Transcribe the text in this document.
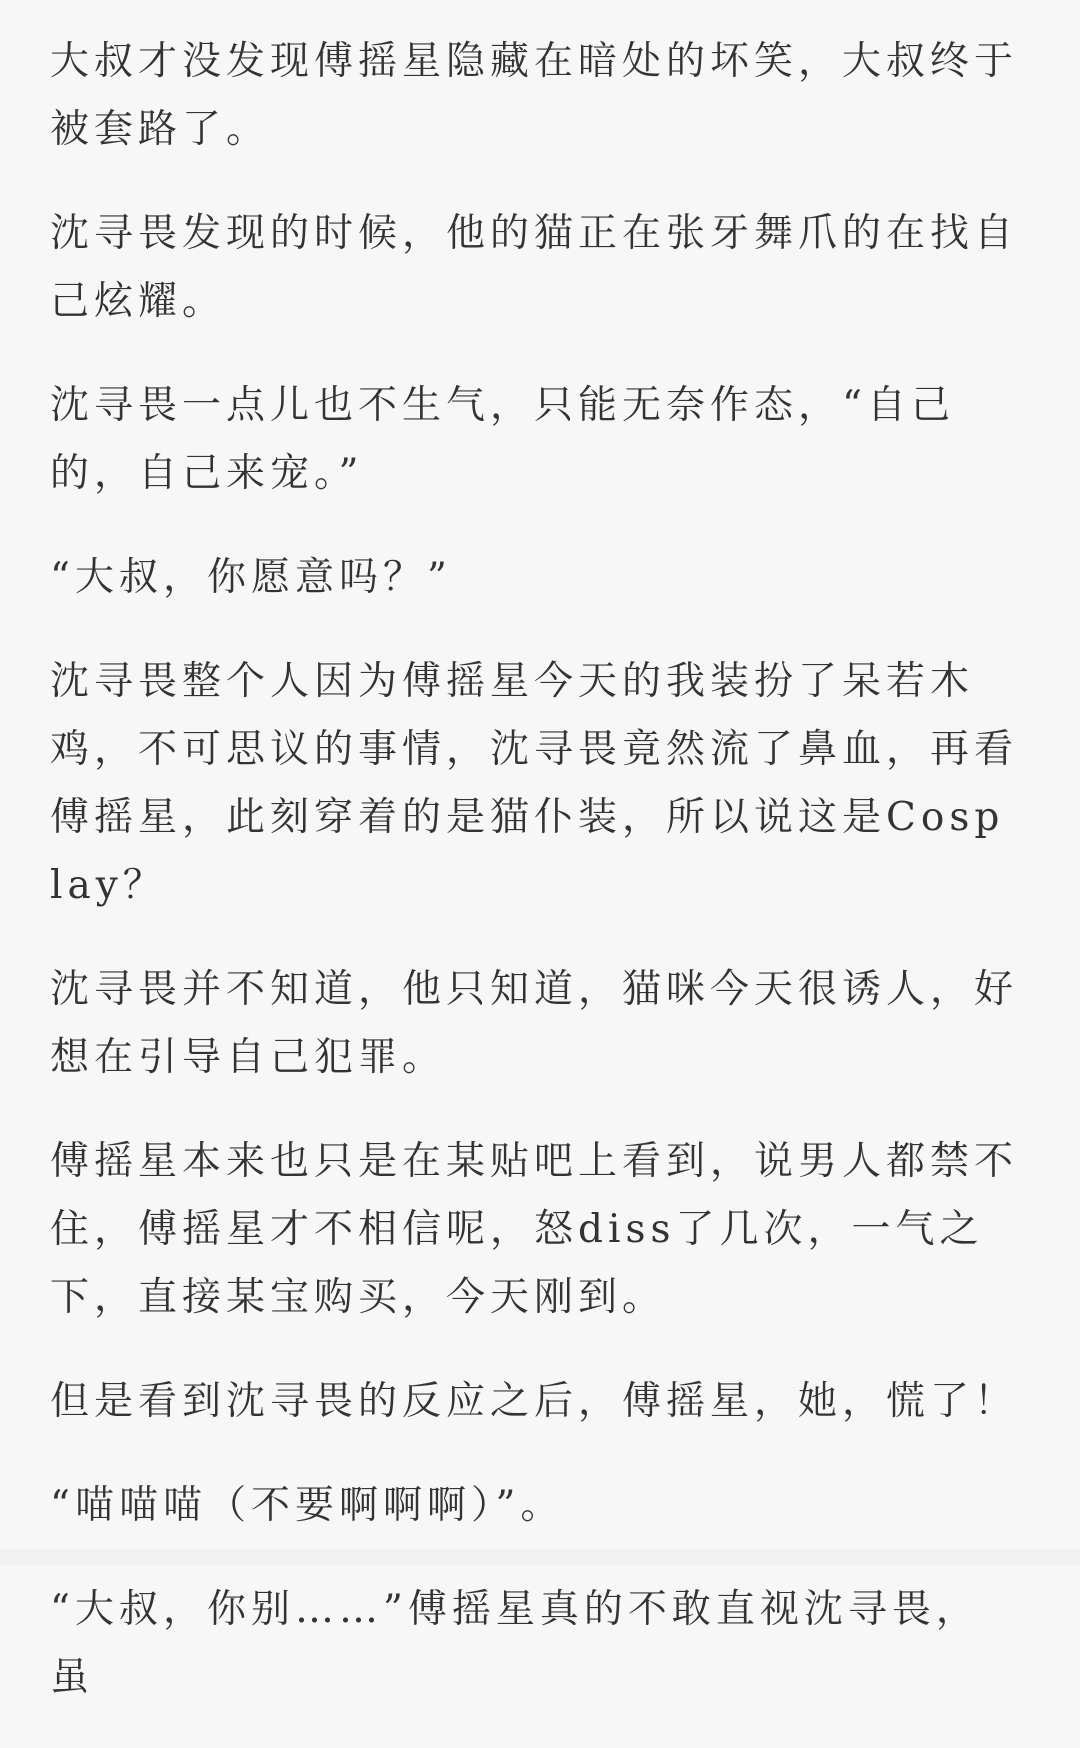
大叔才没发现傅摇星隐藏在暗处的坏笑，大叔终于被套路了。

沈寻畏发现的时候，他的猫正在张牙舞爪的在找自己炫耀。

沈寻畏一点儿也不生气，只能无奈作态，“自己的，自己来宠。”

“大叔，你愿意吗？”

沈寻畏整个人因为傅摇星今天的我装扮了呆若木鸡，不可思议的事情，沈寻畏竟然流了鼻血，再看傅摇星，此刻穿着的是猫仆装，所以说这是Cosplay？

沈寻畏并不知道，他只知道，猫咪今天很诱人，好想在引导自己犯罪。

傅摇星本来也只是在某贴吧上看到，说男人都禁不住，傅摇星才不相信呢，怒diss了几次，一气之下，直接某宝购买，今天刚到。

但是看到沈寻畏的反应之后，傅摇星，她，慌了！

“喵喵喵（不要啊啊啊）”。

“大叔，你别……”傅摇星真的不敢直视沈寻畏，虽
